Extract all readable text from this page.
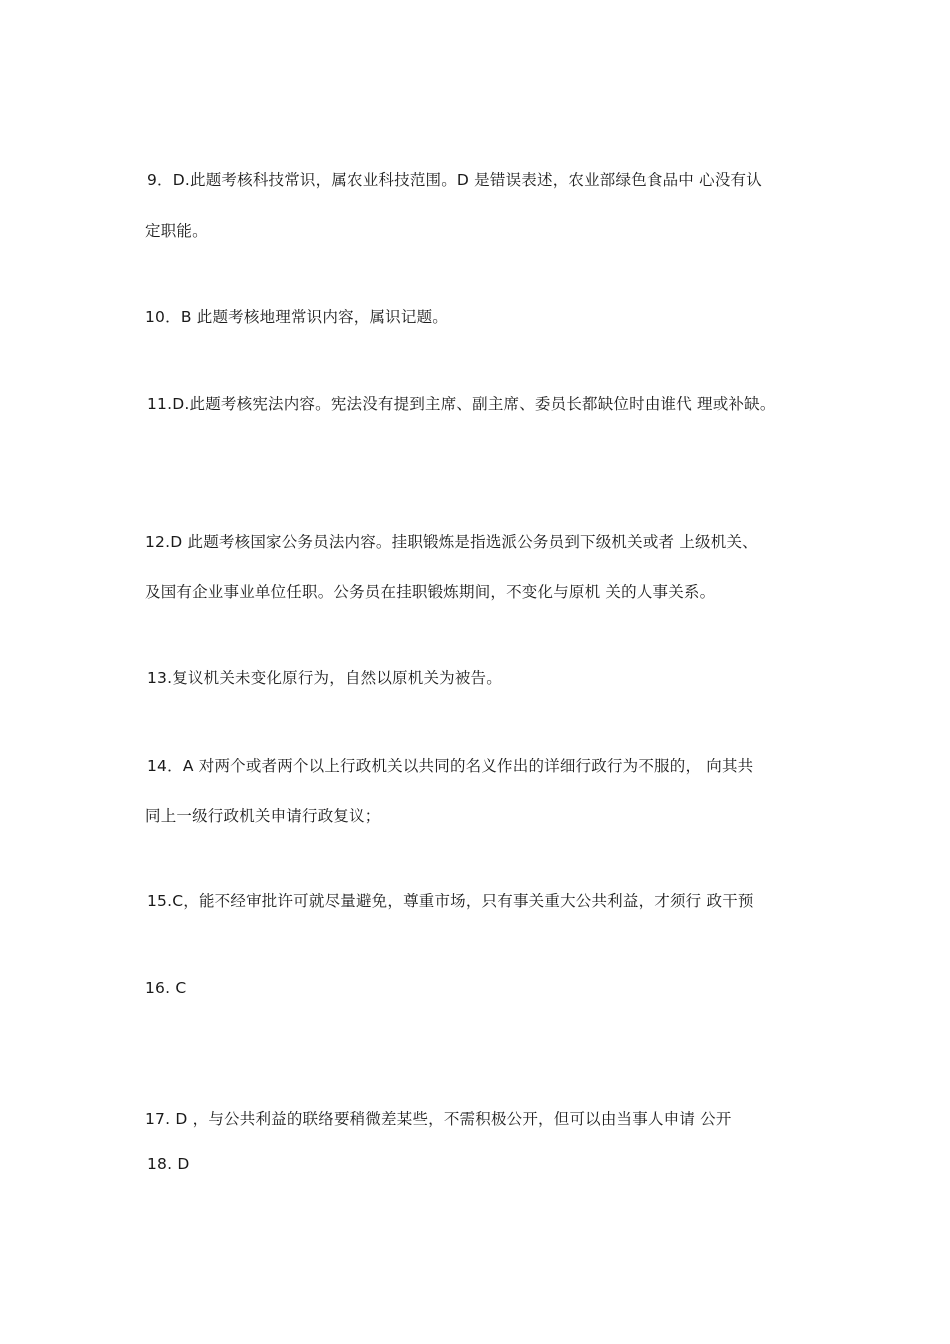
9．D.此题考核科技常识，属农业科技范围。D 是错误表述，农业部绿色食品中 心没有认
定职能。
10．B 此题考核地理常识内容，属识记题。
11.D.此题考核宪法内容。宪法没有提到主席、副主席、委员长都缺位时由谁代 理或补缺。
12.D 此题考核国家公务员法内容。挂职锻炼是指选派公务员到下级机关或者 上级机关、
及国有企业事业单位任职。公务员在挂职锻炼期间，不变化与原机 关的人事关系。
13.复议机关未变化原行为，自然以原机关为被告。
14．A 对两个或者两个以上行政机关以共同的名义作出的详细行政行为不服的， 向其共
同上一级行政机关申请行政复议；
15.C，能不经审批许可就尽量避免，尊重市场，只有事关重大公共利益，才须行 政干预
16. C
17. D ，与公共利益的联络要稍微差某些，不需积极公开，但可以由当事人申请 公开
18. D
